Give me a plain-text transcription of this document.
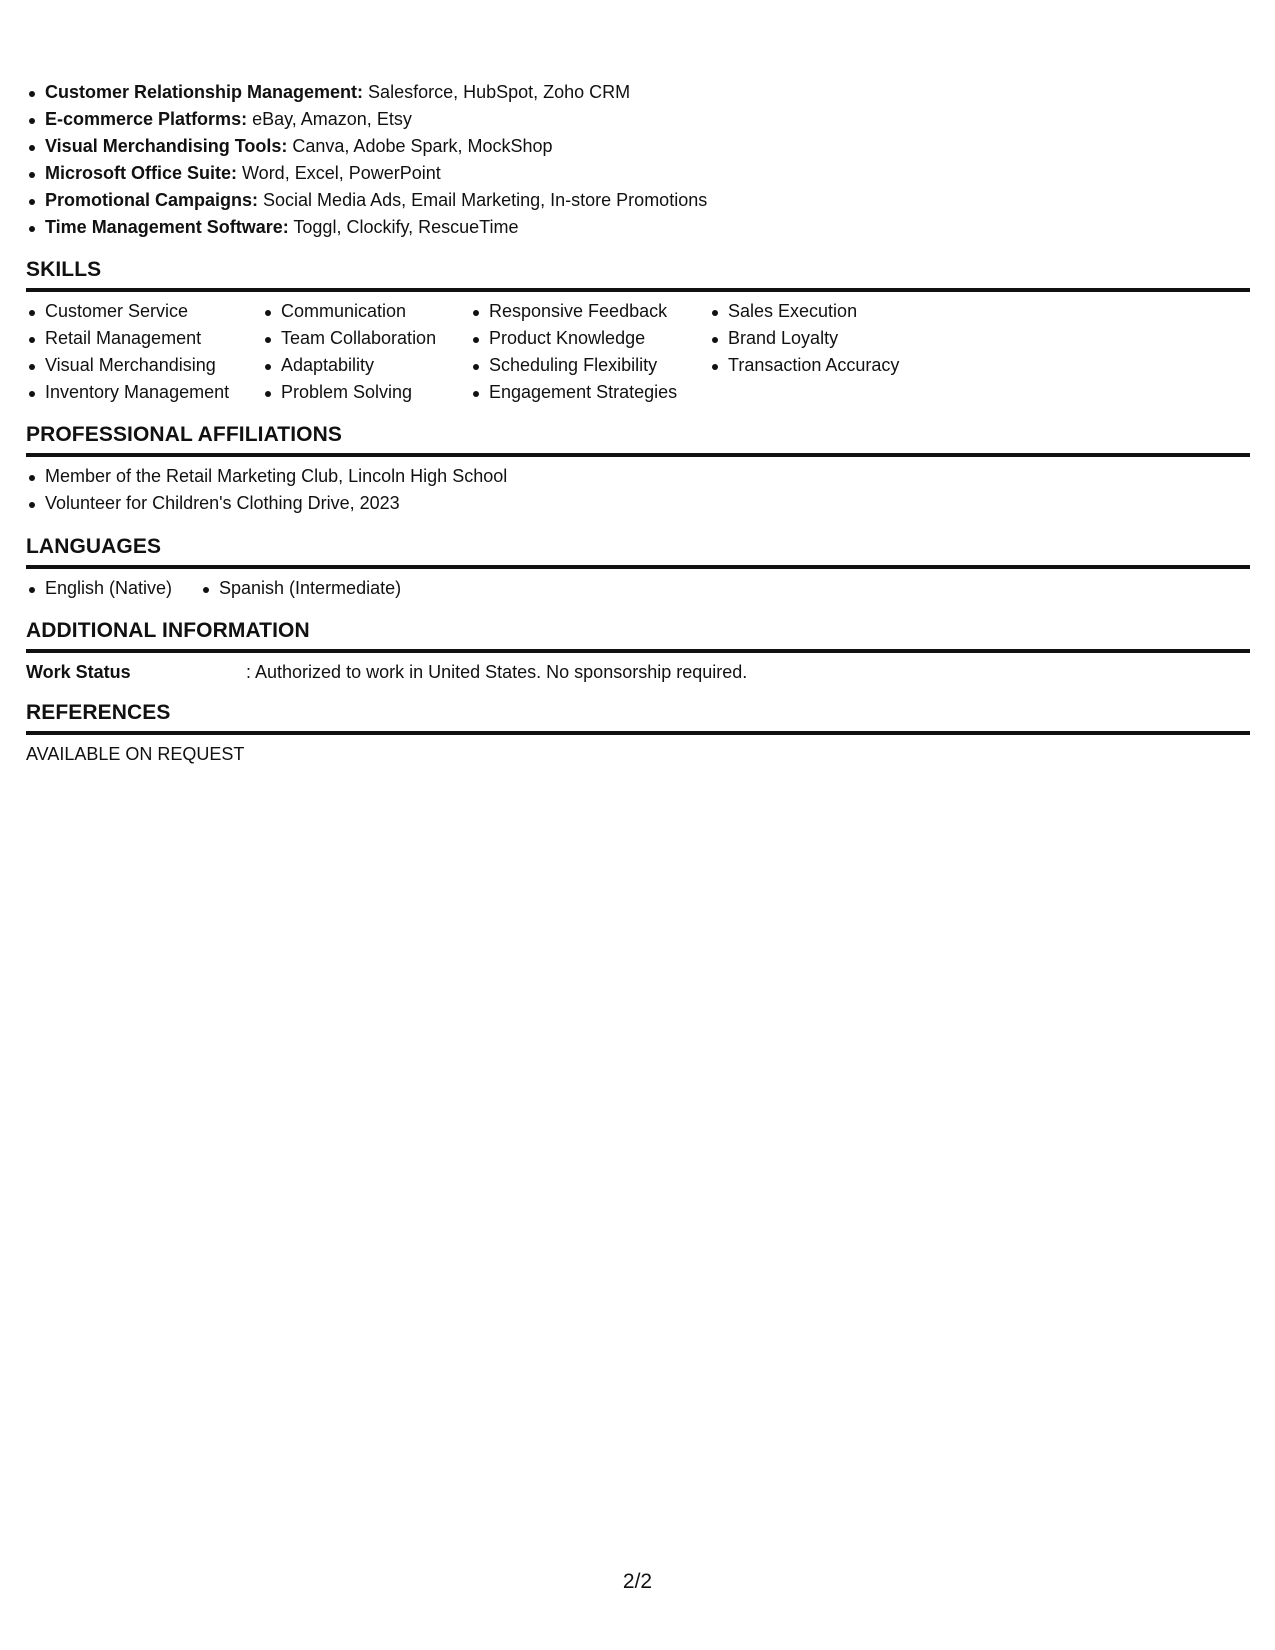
Customer Relationship Management: Salesforce, HubSpot, Zoho CRM
E-commerce Platforms: eBay, Amazon, Etsy
Visual Merchandising Tools: Canva, Adobe Spark, MockShop
Microsoft Office Suite: Word, Excel, PowerPoint
Promotional Campaigns: Social Media Ads, Email Marketing, In-store Promotions
Time Management Software: Toggl, Clockify, RescueTime
SKILLS
Customer Service
Retail Management
Visual Merchandising
Inventory Management
Communication
Team Collaboration
Adaptability
Problem Solving
Responsive Feedback
Product Knowledge
Scheduling Flexibility
Engagement Strategies
Sales Execution
Brand Loyalty
Transaction Accuracy
PROFESSIONAL AFFILIATIONS
Member of the Retail Marketing Club, Lincoln High School
Volunteer for Children's Clothing Drive, 2023
LANGUAGES
English (Native)	Spanish (Intermediate)
ADDITIONAL INFORMATION
Work Status	: Authorized to work in United States. No sponsorship required.
REFERENCES
AVAILABLE ON REQUEST
2/2
